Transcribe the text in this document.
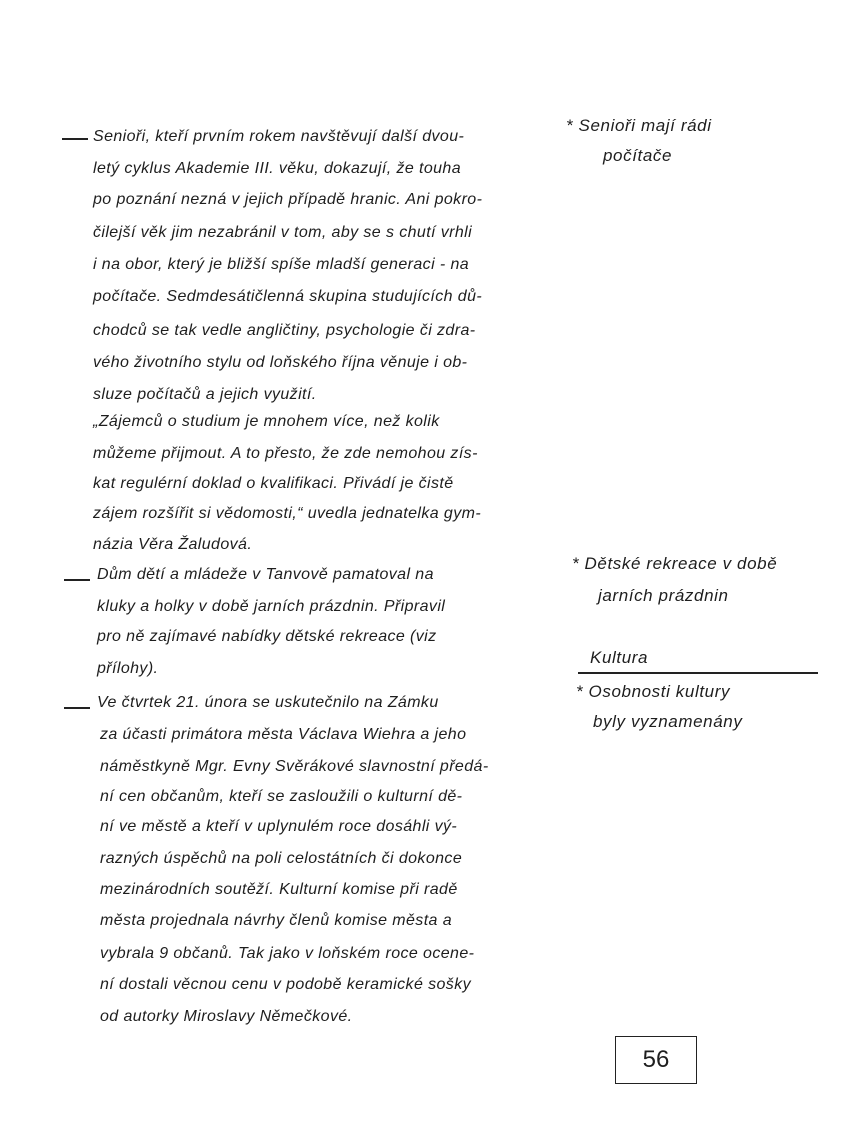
Senioři, kteří prvním rokem navštěvují další dvou-
letý cyklus Akademie III. věku, dokazují, že touha
po poznání nezná v jejich případě hranic. Ani pokro-
čilejší věk jim nezabránil v tom, aby se s chutí vrhli
i na obor, který je bližší spíše mladší generaci - na
počítače. Sedmdesátičlenná skupina studujících dů-
chodců se tak vedle angličtiny, psychologie či zdra-
vého životního stylu od loňského října věnuje i ob-
sluze počítačů a jejich využití.
„Zájemců o studium je mnohem více, než kolik
můžeme přijmout. A to přesto, že zde nemohou zís-
kat regulérní doklad o kvalifikaci. Přivádí je čistě
zájem rozšířit si vědomosti,“ uvedla jednatelka gym-
názia Věra Žaludová.
Dům dětí a mládeže v Tanvově pamatoval na
kluky a holky v době jarních prázdnin. Připravil
pro ně zajímavé nabídky dětské rekreace (viz
přílohy).
Ve čtvrtek 21. února se uskutečnilo na Zámku
za účasti primátora města Václava Wiehra a jeho
náměstkyně Mgr. Evny Svěrákové slavnostní předá-
ní cen občanům, kteří se zasloužili o kulturní dě-
ní ve městě a kteří v uplynulém roce dosáhli vý-
razných úspěchů na poli celostátních či dokonce
mezinárodních soutěží. Kulturní komise při radě
města projednala návrhy členů komise města a
vybrala 9 občanů. Tak jako v loňském roce ocene-
ní dostali věcnou cenu v podobě keramické sošky
od autorky Miroslavy Němečkové.
* Senioři mají rádi
počítače
* Dětské rekreace v době
jarních prázdnin
Kultura
* Osobnosti kultury
byly vyznamenány
56
